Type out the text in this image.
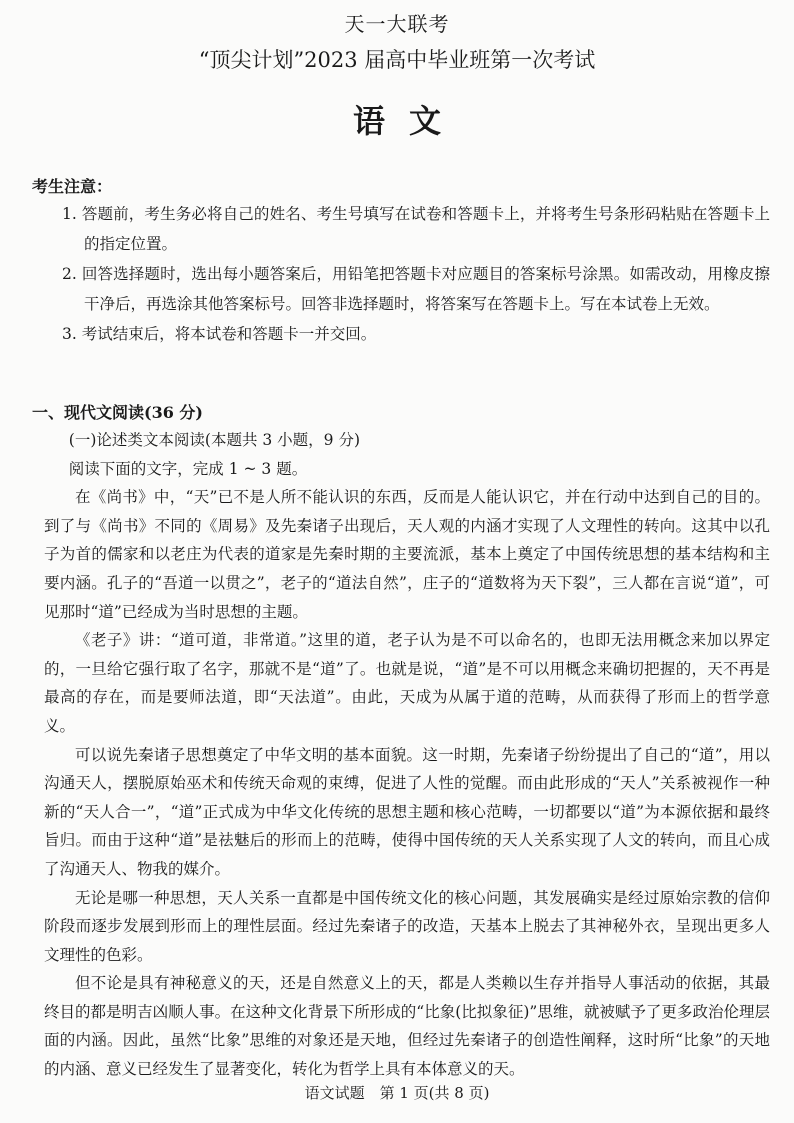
天一大联考
“顶尖计划”2023 届高中毕业班第一次考试
语文
考生注意：

1. 答题前，考生务必将自己的姓名、考生号填写在试卷和答题卡上，并将考生号条形码粘贴在答题卡上的指定位置。

2. 回答选择题时，选出每小题答案后，用铅笔把答题卡对应题目的答案标号涂黑。如需改动，用橡皮擦干净后，再选涂其他答案标号。回答非选择题时，将答案写在答题卡上。写在本试卷上无效。

3. 考试结束后，将本试卷和答题卡一并交回。

一、现代文阅读(36 分)

(一)论述类文本阅读(本题共 3 小题，9 分)

阅读下面的文字，完成 1 ~ 3 题。

在《尚书》中，“天”已不是人所不能认识的东西，反而是人能认识它，并在行动中达到自己的目的。到了与《尚书》不同的《周易》及先秦诸子出现后，天人观的内涵才实现了人文理性的转向。这其中以孔子为首的儒家和以老庄为代表的道家是先秦时期的主要流派，基本上奠定了中国传统思想的基本结构和主要内涵。孔子的“吾道一以贯之”，老子的“道法自然”，庄子的“道数将为天下裂”，三人都在言说“道”，可见那时“道”已经成为当时思想的主题。

《老子》讲：“道可道，非常道。”这里的道，老子认为是不可以命名的，也即无法用概念来加以界定的，一旦给它强行取了名字，那就不是“道”了。也就是说，“道”是不可以用概念来确切把握的，天不再是最高的存在，而是要师法道，即“天法道”。由此，天成为从属于道的范畴，从而获得了形而上的哲学意义。

可以说先秦诸子思想奠定了中华文明的基本面貌。这一时期，先秦诸子纷纷提出了自己的“道”，用以沟通天人，摆脱原始巫术和传统天命观的束缚，促进了人性的觉醒。而由此形成的“天人”关系被视作一种新的“天人合一”，“道”正式成为中华文化传统的思想主题和核心范畴，一切都要以“道”为本源依据和最终旨归。而由于这种“道”是祛魅后的形而上的范畴，使得中国传统的天人关系实现了人文的转向，而且心成了沟通天人、物我的媒介。

无论是哪一种思想，天人关系一直都是中国传统文化的核心问题，其发展确实是经过原始宗教的信仰阶段而逐步发展到形而上的理性层面。经过先秦诸子的改造，天基本上脱去了其神秘外衣，呈现出更多人文理性的色彩。

但不论是具有神秘意义的天，还是自然意义上的天，都是人类赖以生存并指导人事活动的依据，其最终目的都是明吉凶顺人事。在这种文化背景下所形成的“比象(比拟象征)”思维，就被赋予了更多政治伦理层面的内涵。因此，虽然“比象”思维的对象还是天地，但经过先秦诸子的创造性阐释，这时所“比象”的天地的内涵、意义已经发生了显著变化，转化为哲学上具有本体意义的天。

语文试题　第 1 页(共 8 页)
